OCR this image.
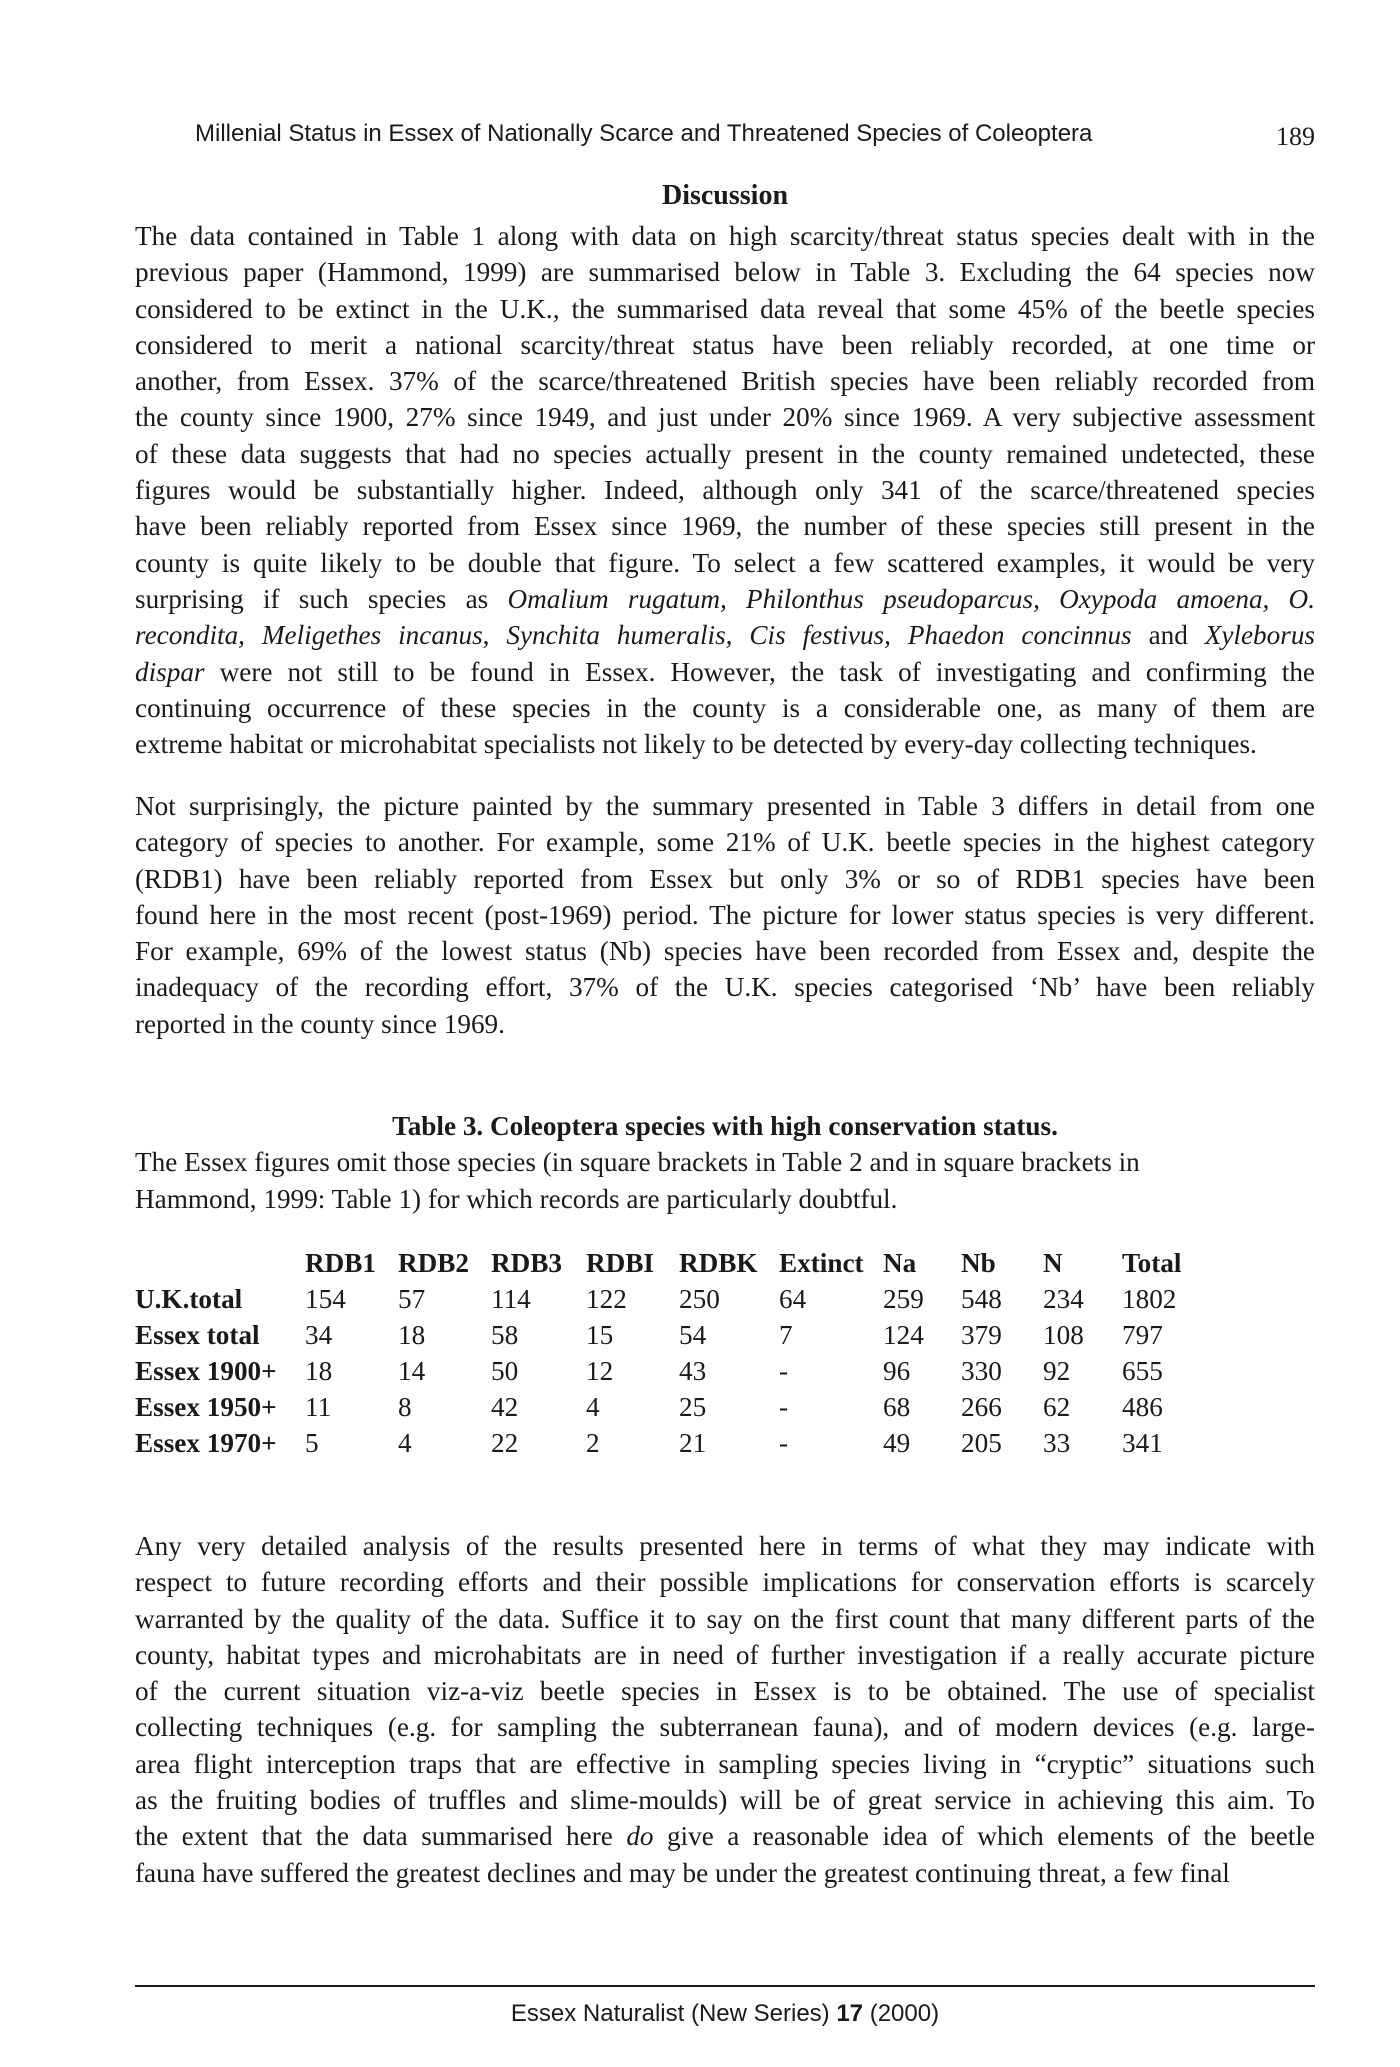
Millenial Status in Essex of Nationally Scarce and Threatened Species of Coleoptera	189
Discussion

The data contained in Table 1 along with data on high scarcity/threat status species dealt with in the
previous paper (Hammond, 1999) are summarised below in Table 3. Excluding the 64 species now
considered to be extinct in the U.K., the summarised data reveal that some 45% of the beetle species
considered to merit a national scarcity/threat status have been reliably recorded, at one time or
another, from Essex. 37% of the scarce/threatened British species have been reliably recorded from
the county since 1900, 27% since 1949, and just under 20% since 1969. A very subjective assessment
of these data suggests that had no species actually present in the county remained undetected, these
figures would be substantially higher. Indeed, although only 341 of the scarce/threatened species
have been reliably reported from Essex since 1969, the number of these species still present in the
county is quite likely to be double that figure. To select a few scattered examples, it would be very
surprising if such species as Omalium rugatum, Philonthus pseudoparcus, Oxypoda amoena, O.
recondita, Meligethes incanus, Synchita humeralis, Cis festivus, Phaedon concinnus and Xyleborus
dispar were not still to be found in Essex. However, the task of investigating and confirming the
continuing occurrence of these species in the county is a considerable one, as many of them are
extreme habitat or microhabitat specialists not likely to be detected by every-day collecting techniques.

Not surprisingly, the picture painted by the summary presented in Table 3 differs in detail from one
category of species to another. For example, some 21% of U.K. beetle species in the highest category
(RDB1) have been reliably reported from Essex but only 3% or so of RDB1 species have been
found here in the most recent (post-1969) period. The picture for lower status species is very different.
For example, 69% of the lowest status (Nb) species have been recorded from Essex and, despite the
inadequacy of the recording effort, 37% of the U.K. species categorised ‘Nb’ have been reliably
reported in the county since 1969.

Table 3. Coleoptera species with high conservation status.
The Essex figures omit those species (in square brackets in Table 2 and in square brackets in
Hammond, 1999: Table 1) for which records are particularly doubtful.
	RDB1	RDB2	RDB3	RDBI	RDBK	Extinct	Na	Nb	N	Total
U.K.total	154	57	114	122	250	64	259	548	234	1802
Essex total	34	18	58	15	54	7	124	379	108	797
Essex 1900+	18	14	50	12	43	-	96	330	92	655
Essex 1950+	11	8	42	4	25	-	68	266	62	486
Essex 1970+	5	4	22	2	21	-	49	205	33	341

Any very detailed analysis of the results presented here in terms of what they may indicate with
respect to future recording efforts and their possible implications for conservation efforts is scarcely
warranted by the quality of the data. Suffice it to say on the first count that many different parts of the
county, habitat types and microhabitats are in need of further investigation if a really accurate picture
of the current situation viz-a-viz beetle species in Essex is to be obtained. The use of specialist
collecting techniques (e.g. for sampling the subterranean fauna), and of modern devices (e.g. large-
area flight interception traps that are effective in sampling species living in “cryptic” situations such
as the fruiting bodies of truffles and slime-moulds) will be of great service in achieving this aim. To
the extent that the data summarised here do give a reasonable idea of which elements of the beetle
fauna have suffered the greatest declines and may be under the greatest continuing threat, a few final

Essex Naturalist (New Series) 17 (2000)
